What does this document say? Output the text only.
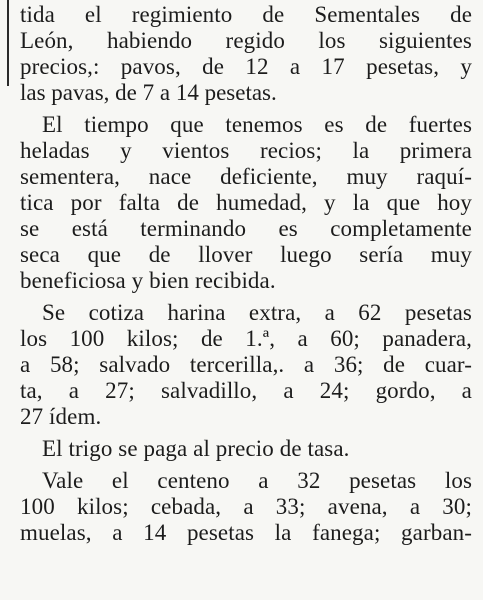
tida el regimiento de Sementales de
León, habiendo regido los siguientes
precios,: pavos, de 12 a 17 pesetas, y
las pavas, de 7 a 14 pesetas.

El tiempo que tenemos es de fuertes
heladas y vientos recios; la primera
sementera, nace deficiente, muy raquí-
tica por falta de humedad, y la que hoy
se está terminando es completamente
seca que de llover luego sería muy
beneficiosa y bien recibida.

Se cotiza harina extra, a 62 pesetas
los 100 kilos; de 1.ª, a 60; panadera,
a 58; salvado tercerilla,. a 36; de cuar-
ta, a 27; salvadillo, a 24; gordo, a
27 ídem.

El trigo se paga al precio de tasa.

Vale el centeno a 32 pesetas los
100 kilos; cebada, a 33; avena, a 30;
muelas, a 14 pesetas la fanega; garban-
